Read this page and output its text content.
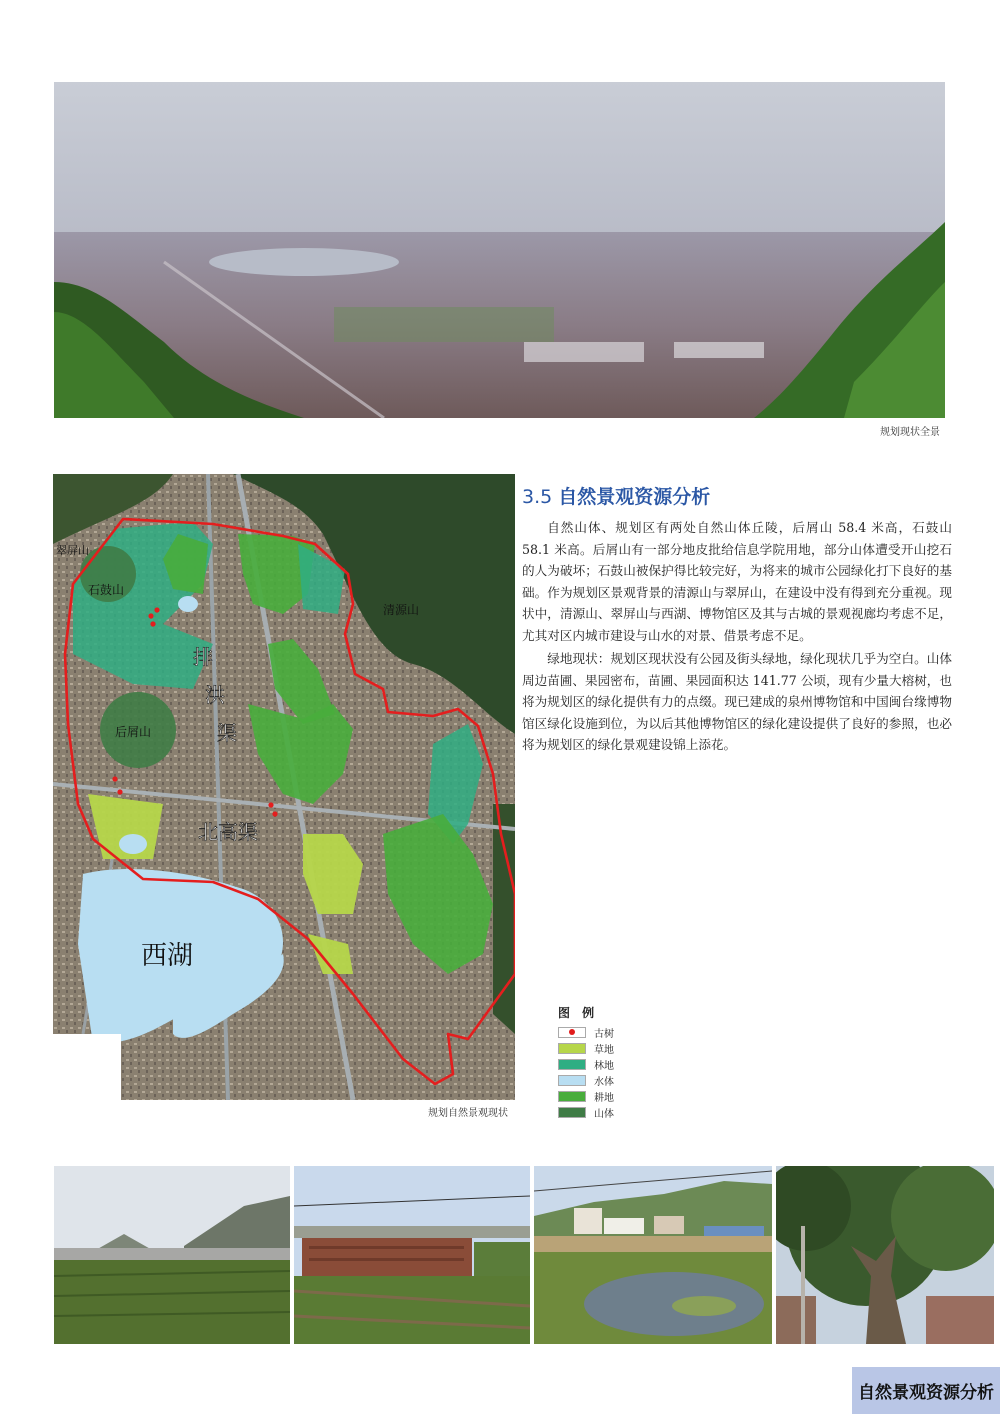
规划现状全景
翠屏山
石鼓山
清源山
后屑山
排
洪
渠
北高渠
西湖
规划自然景观现状
3.5 自然景观资源分析

自然山体、规划区有两处自然山体丘陵，后屑山 58.4 米高，石鼓山 58.1 米高。后屑山有一部分地皮批给信息学院用地，部分山体遭受开山挖石的人为破坏；石鼓山被保护得比较完好，为将来的城市公园绿化打下良好的基础。作为规划区景观背景的清源山与翠屏山，在建设中没有得到充分重视。现状中，清源山、翠屏山与西湖、博物馆区及其与古城的景观视廊均考虑不足，尤其对区内城市建设与山水的对景、借景考虑不足。

绿地现状：规划区现状没有公园及街头绿地，绿化现状几乎为空白。山体周边苗圃、果园密布，苗圃、果园面积达 141.77 公顷，现有少量大榕树，也将为规划区的绿化提供有力的点缀。现已建成的泉州博物馆和中国闽台缘博物馆区绿化设施到位，为以后其他博物馆区的绿化建设提供了良好的参照，也必将为规划区的绿化景观建设锦上添花。

图 例
古树
草地
林地
水体
耕地
山体
自然景观资源分析
